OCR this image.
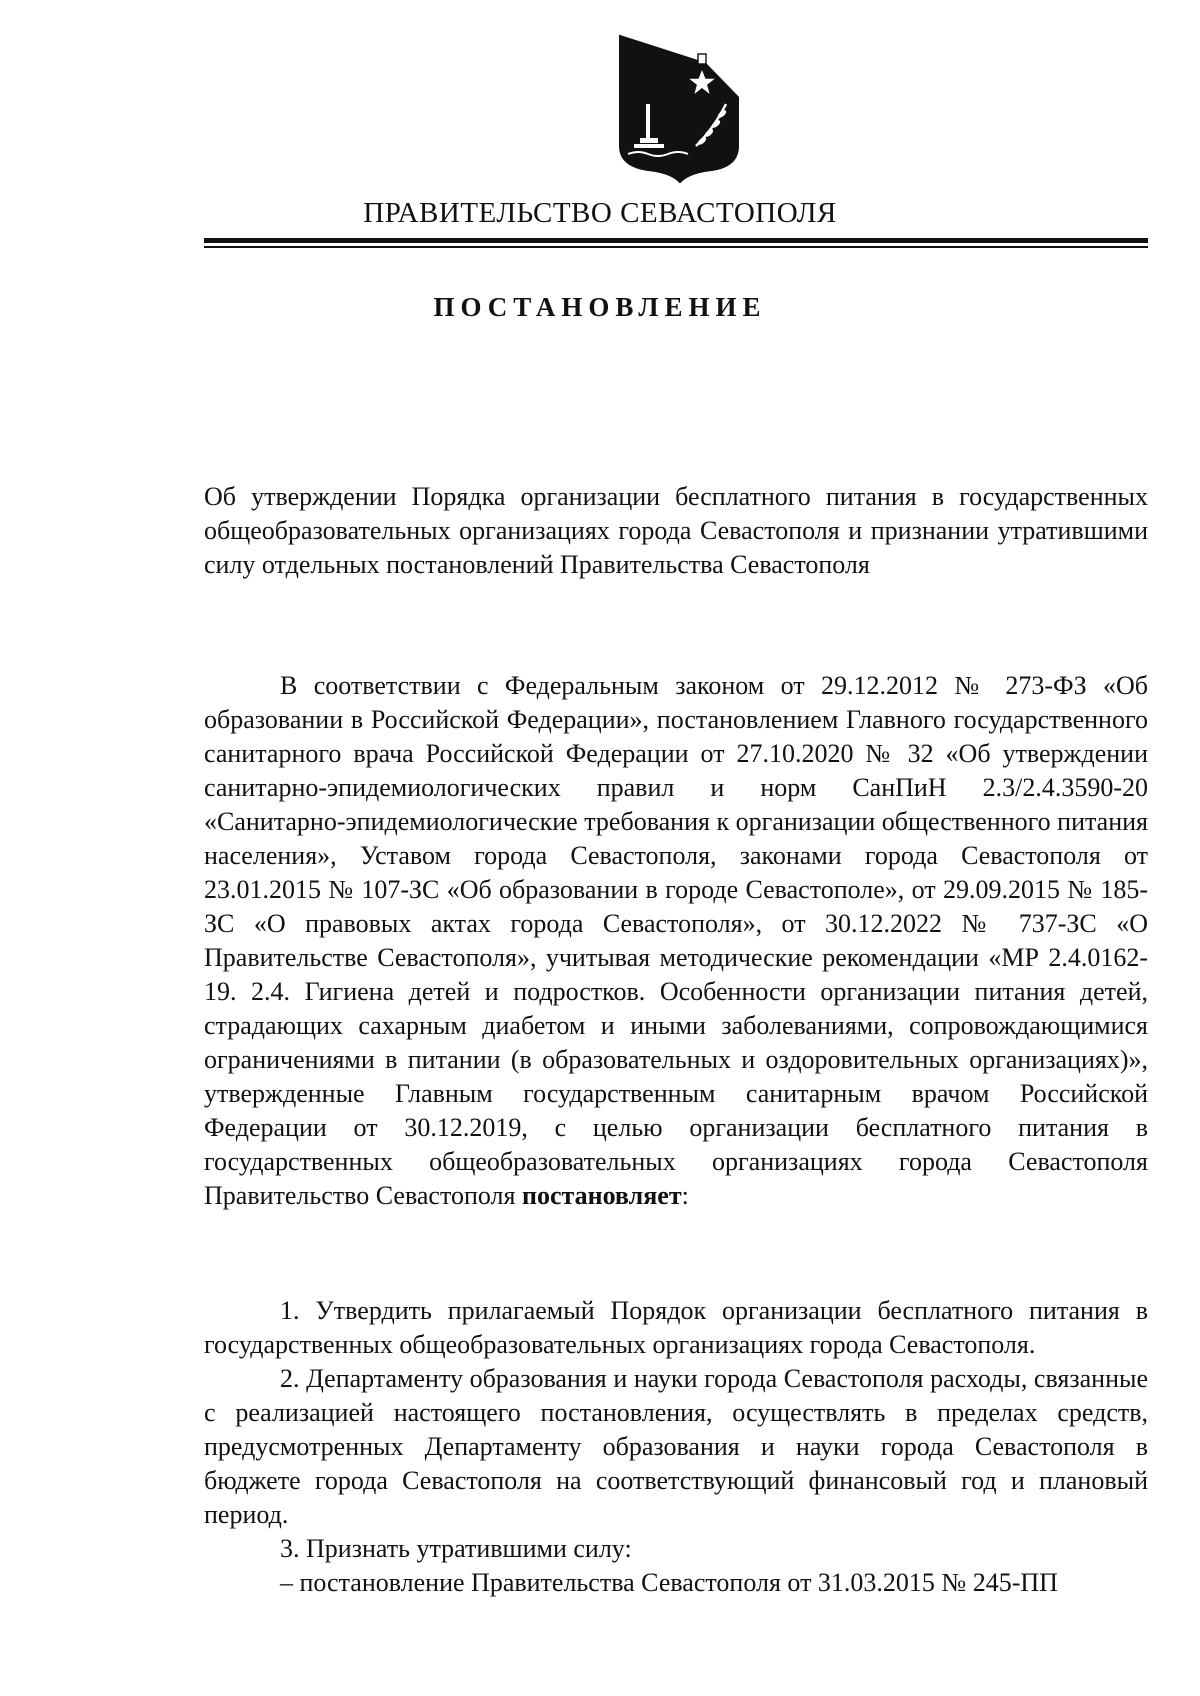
ПРАВИТЕЛЬСТВО СЕВАСТОПОЛЯ
ПОСТАНОВЛЕНИЕ
Об утверждении Порядка организации бесплатного питания в государственных общеобразовательных организациях города Севастополя и признании утратившими силу отдельных постановлений Правительства Севастополя
В соответствии с Федеральным законом от 29.12.2012 № 273-ФЗ «Об образовании в Российской Федерации», постановлением Главного государственного санитарного врача Российской Федерации от 27.10.2020 № 32 «Об утверждении санитарно-эпидемиологических правил и норм СанПиН 2.3/2.4.3590-20 «Санитарно-эпидемиологические требования к организации общественного питания населения», Уставом города Севастополя, законами города Севастополя от 23.01.2015 № 107-ЗС «Об образовании в городе Севастополе», от 29.09.2015 № 185-ЗС «О правовых актах города Севастополя», от 30.12.2022 № 737-ЗС «О Правительстве Севастополя», учитывая методические рекомендации «МР 2.4.0162-19. 2.4. Гигиена детей и подростков. Особенности организации питания детей, страдающих сахарным диабетом и иными заболеваниями, сопровождающимися ограничениями в питании (в образовательных и оздоровительных организациях)», утвержденные Главным государственным санитарным врачом Российской Федерации от 30.12.2019, с целью организации бесплатного питания в государственных общеобразовательных организациях города Севастополя Правительство Севастополя постановляет:

1. Утвердить прилагаемый Порядок организации бесплатного питания в государственных общеобразовательных организациях города Севастополя.

2. Департаменту образования и науки города Севастополя расходы, связанные с реализацией настоящего постановления, осуществлять в пределах средств, предусмотренных Департаменту образования и науки города Севастополя в бюджете города Севастополя на соответствующий финансовый год и плановый период.

3. Признать утратившими силу:

– постановление Правительства Севастополя от 31.03.2015 № 245-ПП
